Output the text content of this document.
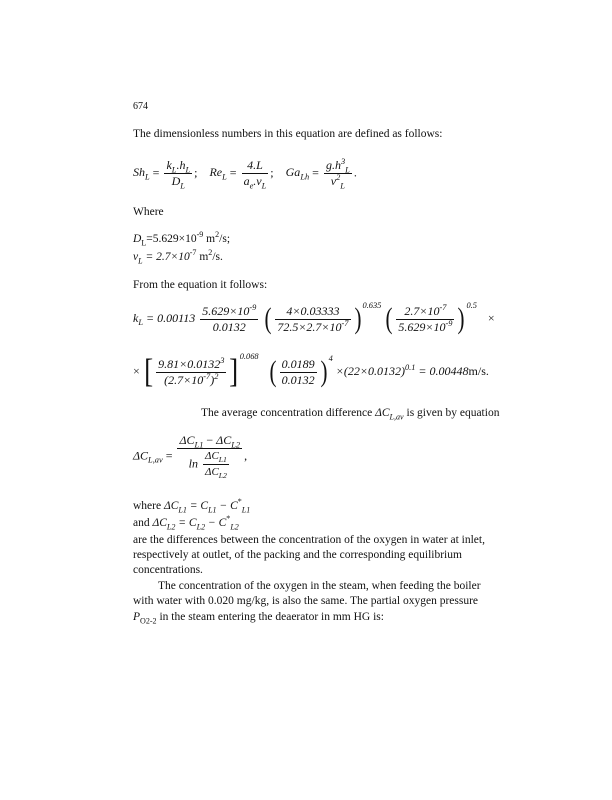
674
The dimensionless numbers in this equation are defined as follows:
$Sh_L = \frac{k_L.h_L}{D_L}$ ; $Re_L = \frac{4.L}{a_e.v_L}$ ; $Ga_{Lh} = \frac{g.h^3_L}{v^2_L}$ .
Where
$D_L=5.629\times 10^{-9}$ $m^2/s$;
$v_L = 2.7\times 10^{-7}$ $m^2/s$.
From the equation it follows:
$k_L = 0.00113 \frac{5.629\times 10^{-9}}{0.0132}$ ( $\frac{4\times 0.03333}{72.5\times 2.7\times 10^{-7}}$ ) $^{0.635}$ ( $\frac{2.7\times 10^{-7}}{5.629\times 10^{-9}}$ ) $^{0.5}$ ×
× [ $\frac{9.81\times 0.0132^3}{(2.7\times 10^{-7})^2} ]^{0.068}$ ( $\frac{0.0189}{0.0132}$ ) $^4 \times(22\times 0.0132)^{0.1} = 0.00448m/s$.
The average concentration difference $\Delta C_{L,av}$ is given by equation
$\Delta C_{L,av} = \frac{\Delta C_{L1} - \Delta C_{L2}}{\ln \frac{\Delta C_{L1}}{\Delta C_{L2}}}$ ,
where $\Delta C_{L1} = C_{L1} - C^*_{L1}$
and $\Delta C_{L2} = C_{L2} - C^*_{L2}$
are the differences between the concentration of the oxygen in water at inlet,
respectively at outlet, of the packing and the corresponding equilibrium
concentrations.
The concentration of the oxygen in the steam, when feeding the boiler
with water with 0.020 mg/kg, is also the same. The partial oxygen pressure
$P_{O2-2}$ in the steam entering the deaerator in mm HG is:
